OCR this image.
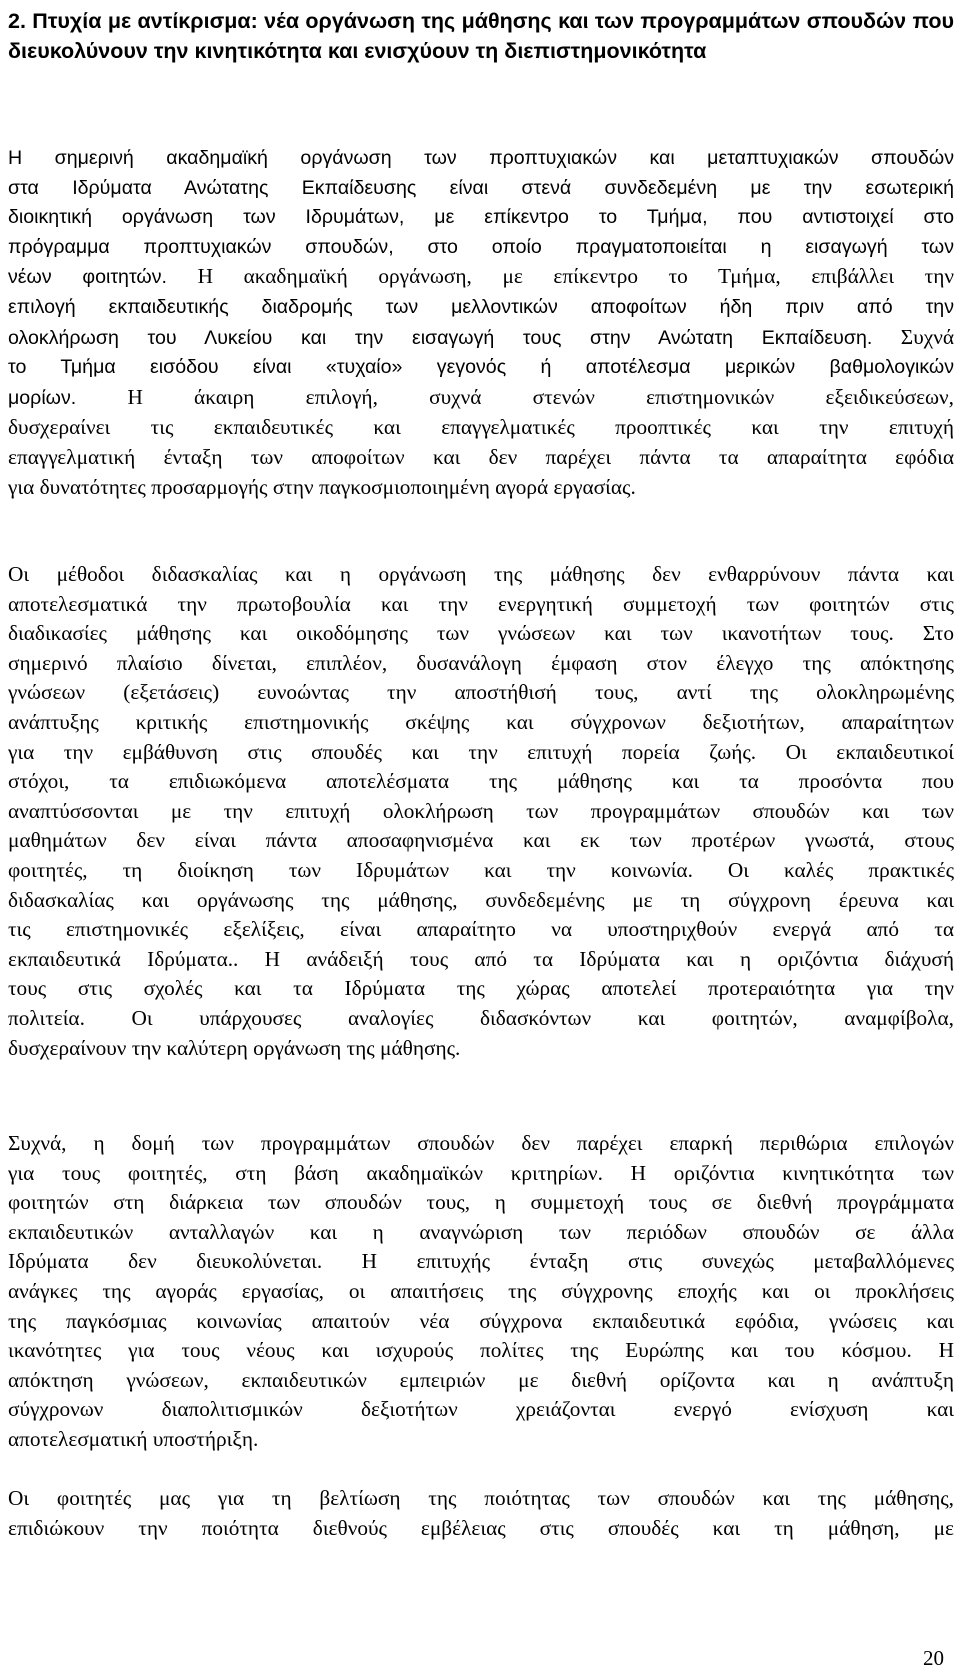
2. Πτυχία με αντίκρισμα: νέα οργάνωση της μάθησης και των προγραμμάτων σπουδών που διευκολύνουν την κινητικότητα και ενισχύουν τη διεπιστημονικότητα
Η σημερινή ακαδημαϊκή οργάνωση των προπτυχιακών και μεταπτυχιακών σπουδών
στα Ιδρύματα Ανώτατης Εκπαίδευσης είναι στενά συνδεδεμένη με την εσωτερική
διοικητική οργάνωση των Ιδρυμάτων, με επίκεντρο το Τμήμα, που αντιστοιχεί στο
πρόγραμμα προπτυχιακών σπουδών, στο οποίο πραγματοποιείται η εισαγωγή των
νέων φοιτητών. Η ακαδημαϊκή οργάνωση, με επίκεντρο το Τμήμα, επιβάλλει την
επιλογή εκπαιδευτικής διαδρομής των μελλοντικών αποφοίτων ήδη πριν από την
ολοκλήρωση του Λυκείου και την εισαγωγή τους στην Ανώτατη Εκπαίδευση. Συχνά
το Τμήμα εισόδου είναι «τυχαίο» γεγονός ή αποτέλεσμα μερικών βαθμολογικών
μορίων. Η άκαιρη επιλογή, συχνά στενών επιστημονικών εξειδικεύσεων,
δυσχεραίνει τις εκπαιδευτικές και επαγγελματικές προοπτικές και την επιτυχή
επαγγελματική ένταξη των αποφοίτων και δεν παρέχει πάντα τα απαραίτητα εφόδια
για δυνατότητες προσαρμογής στην παγκοσμιοποιημένη αγορά εργασίας.
Οι μέθοδοι διδασκαλίας και η οργάνωση της μάθησης δεν ενθαρρύνουν πάντα και
αποτελεσματικά την πρωτοβουλία και την ενεργητική συμμετοχή των φοιτητών στις
διαδικασίες μάθησης και οικοδόμησης των γνώσεων και των ικανοτήτων τους. Στο
σημερινό πλαίσιο δίνεται, επιπλέον, δυσανάλογη έμφαση στον έλεγχο της απόκτησης
γνώσεων (εξετάσεις) ευνοώντας την αποστήθισή τους, αντί της ολοκληρωμένης
ανάπτυξης κριτικής επιστημονικής σκέψης και σύγχρονων δεξιοτήτων, απαραίτητων
για την εμβάθυνση στις σπουδές και την επιτυχή πορεία ζωής. Οι εκπαιδευτικοί
στόχοι, τα επιδιωκόμενα αποτελέσματα της μάθησης και τα προσόντα που
αναπτύσσονται με την επιτυχή ολοκλήρωση των προγραμμάτων σπουδών και των
μαθημάτων δεν είναι πάντα αποσαφηνισμένα και εκ των προτέρων γνωστά, στους
φοιτητές, τη διοίκηση των Ιδρυμάτων και την κοινωνία. Οι καλές πρακτικές
διδασκαλίας και οργάνωσης της μάθησης, συνδεδεμένης με τη σύγχρονη έρευνα και
τις επιστημονικές εξελίξεις, είναι απαραίτητο να υποστηριχθούν ενεργά από τα
εκπαιδευτικά Ιδρύματα.. Η ανάδειξή τους από τα Ιδρύματα και η οριζόντια διάχυσή
τους στις σχολές και τα Ιδρύματα της χώρας αποτελεί προτεραιότητα για την
πολιτεία. Οι υπάρχουσες αναλογίες διδασκόντων και φοιτητών, αναμφίβολα,
δυσχεραίνουν την καλύτερη οργάνωση της μάθησης.
Συχνά, η δομή των προγραμμάτων σπουδών δεν παρέχει επαρκή περιθώρια επιλογών
για τους φοιτητές, στη βάση ακαδημαϊκών κριτηρίων. Η οριζόντια κινητικότητα των
φοιτητών στη διάρκεια των σπουδών τους, η συμμετοχή τους σε διεθνή προγράμματα
εκπαιδευτικών ανταλλαγών και η αναγνώριση των περιόδων σπουδών σε άλλα
Ιδρύματα δεν διευκολύνεται. Η επιτυχής ένταξη στις συνεχώς μεταβαλλόμενες
ανάγκες της αγοράς εργασίας, οι απαιτήσεις της σύγχρονης εποχής και οι προκλήσεις
της παγκόσμιας κοινωνίας απαιτούν νέα σύγχρονα εκπαιδευτικά εφόδια, γνώσεις και
ικανότητες για τους νέους και ισχυρούς πολίτες της Ευρώπης και του κόσμου. Η
απόκτηση γνώσεων, εκπαιδευτικών εμπειριών με διεθνή ορίζοντα και η ανάπτυξη
σύγχρονων διαπολιτισμικών δεξιοτήτων χρειάζονται ενεργό ενίσχυση και
αποτελεσματική υποστήριξη.
Οι φοιτητές μας για τη βελτίωση της ποιότητας των σπουδών και της μάθησης,
επιδιώκουν την ποιότητα διεθνούς εμβέλειας στις σπουδές και τη μάθηση, με
20
